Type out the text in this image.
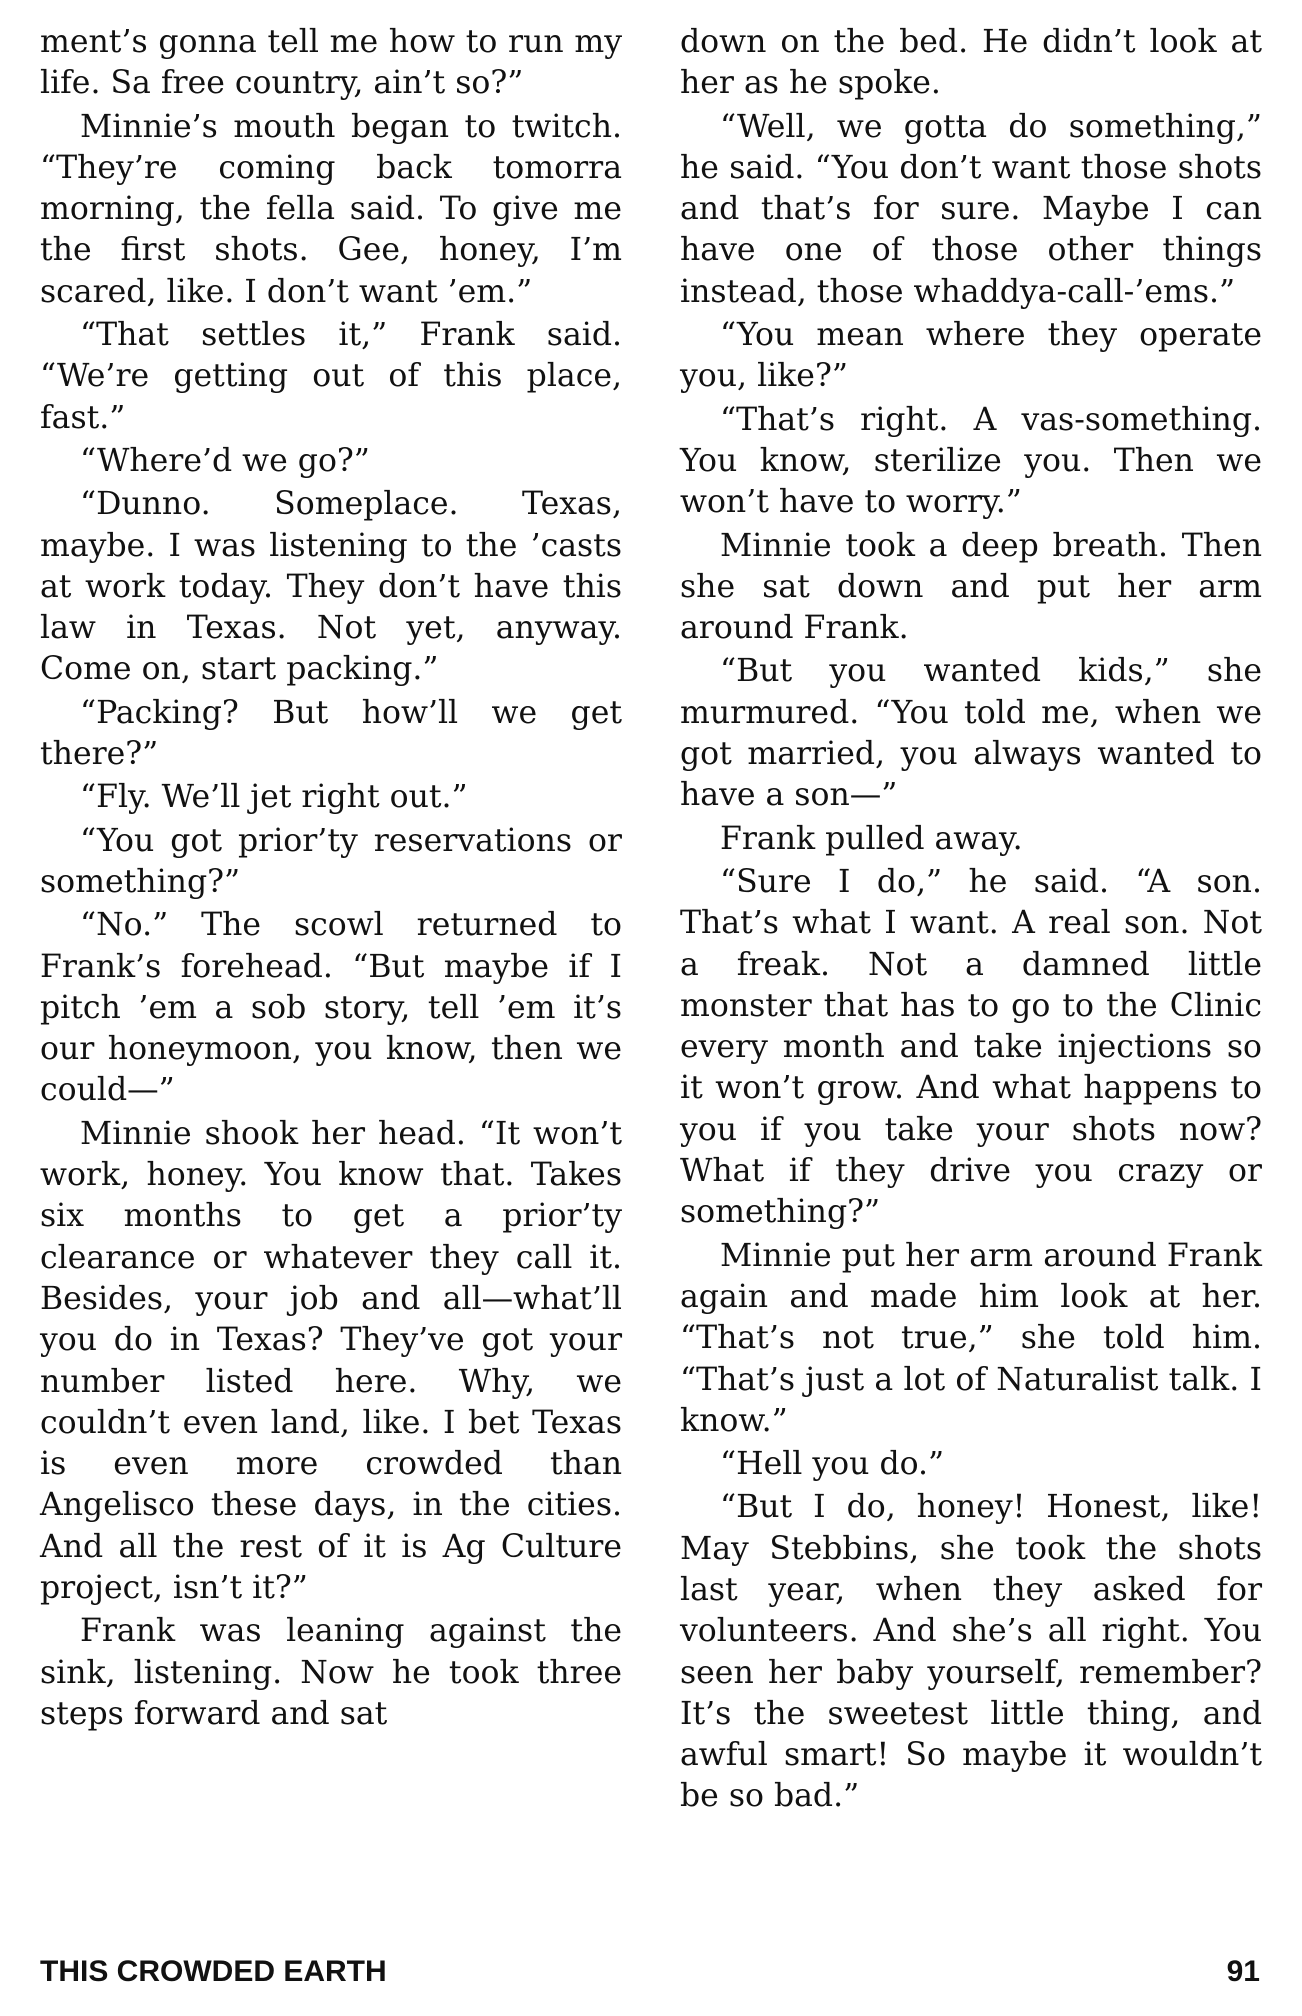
ment’s gonna tell me how to run my life. Sa free country, ain’t so?”

Minnie’s mouth began to twitch. “They’re coming back tomorra morning, the fella said. To give me the first shots. Gee, honey, I’m scared, like. I don’t want ’em.”

“That settles it,” Frank said. “We’re getting out of this place, fast.”

“Where’d we go?”

“Dunno. Someplace. Texas, maybe. I was listening to the ’casts at work today. They don’t have this law in Texas. Not yet, anyway. Come on, start packing.”

“Packing? But how’ll we get there?”

“Fly. We’ll jet right out.”

“You got prior’ty reservations or something?”

“No.” The scowl returned to Frank’s forehead. “But maybe if I pitch ’em a sob story, tell ’em it’s our honeymoon, you know, then we could—”

Minnie shook her head. “It won’t work, honey. You know that. Takes six months to get a prior’ty clearance or whatever they call it. Besides, your job and all—what’ll you do in Texas? They’ve got your number listed here. Why, we couldn’t even land, like. I bet Texas is even more crowded than Angelisco these days, in the cities. And all the rest of it is Ag Culture project, isn’t it?”

Frank was leaning against the sink, listening. Now he took three steps forward and sat

down on the bed. He didn’t look at her as he spoke.

“Well, we gotta do something,” he said. “You don’t want those shots and that’s for sure. Maybe I can have one of those other things instead, those whaddya-call-’ems.”

“You mean where they operate you, like?”

“That’s right. A vas-something. You know, sterilize you. Then we won’t have to worry.”

Minnie took a deep breath. Then she sat down and put her arm around Frank.

“But you wanted kids,” she murmured. “You told me, when we got married, you always wanted to have a son—”

Frank pulled away.

“Sure I do,” he said. “A son. That’s what I want. A real son. Not a freak. Not a damned little monster that has to go to the Clinic every month and take injections so it won’t grow. And what happens to you if you take your shots now? What if they drive you crazy or something?”

Minnie put her arm around Frank again and made him look at her. “That’s not true,” she told him. “That’s just a lot of Naturalist talk. I know.”

“Hell you do.”

“But I do, honey! Honest, like! May Stebbins, she took the shots last year, when they asked for volunteers. And she’s all right. You seen her baby yourself, remember? It’s the sweetest little thing, and awful smart! So maybe it wouldn’t be so bad.”

THIS CROWDED EARTH	91
